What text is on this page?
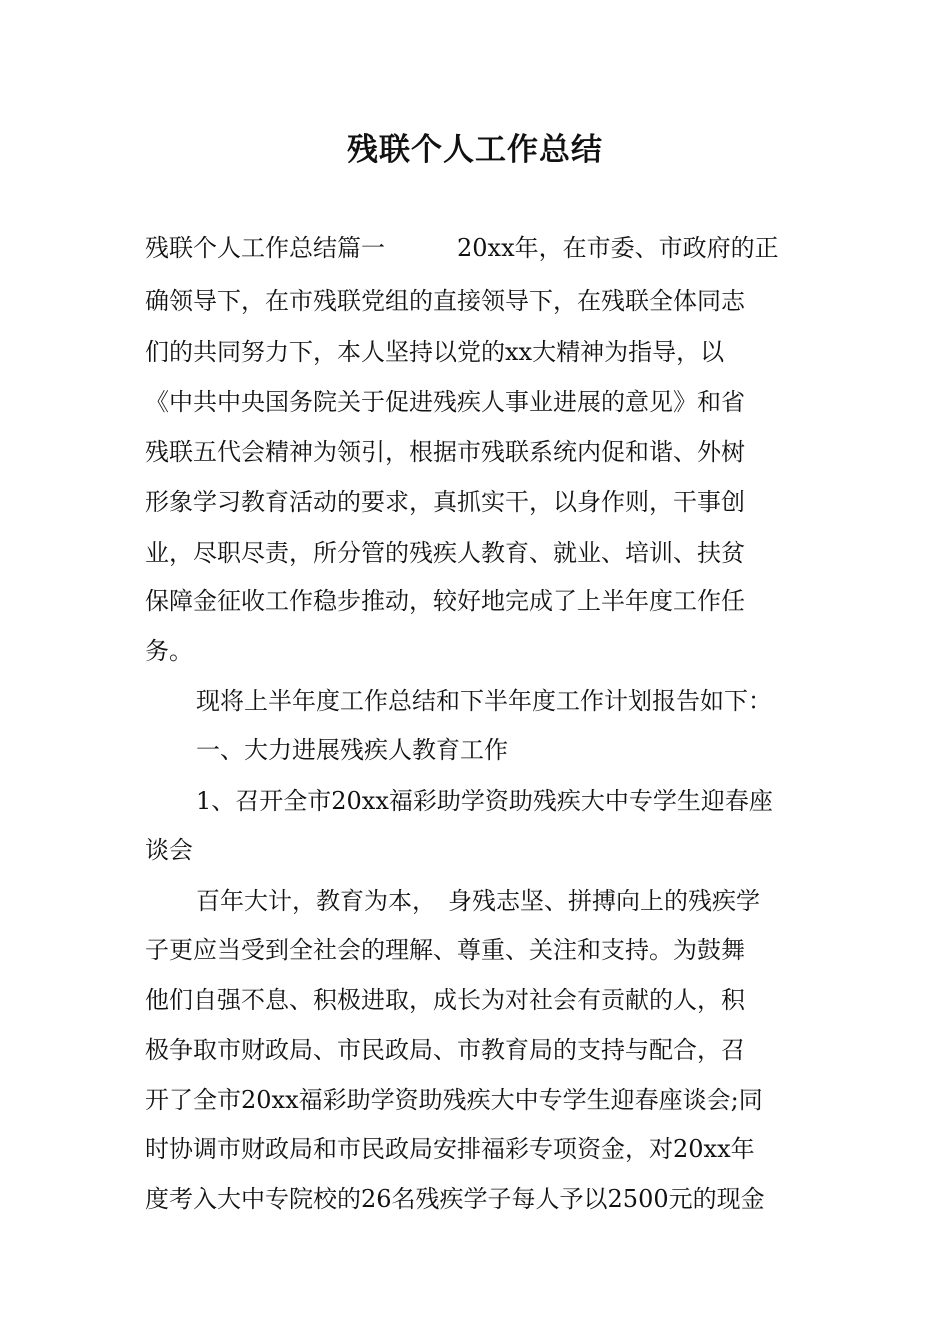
残联个人工作总结
残联个人工作总结篇一　　　20xx年，在市委、市政府的正
确领导下，在市残联党组的直接领导下，在残联全体同志
们的共同努力下，本人坚持以党的xx大精神为指导，以
《中共中央国务院关于促进残疾人事业进展的意见》和省
残联五代会精神为领引，根据市残联系统内促和谐、外树
形象学习教育活动的要求，真抓实干，以身作则，干事创
业，尽职尽责，所分管的残疾人教育、就业、培训、扶贫
保障金征收工作稳步推动，较好地完成了上半年度工作任
务。
现将上半年度工作总结和下半年度工作计划报告如下：
一、大力进展残疾人教育工作
1、召开全市20xx福彩助学资助残疾大中专学生迎春座
谈会
百年大计，教育为本，　身残志坚、拼搏向上的残疾学
子更应当受到全社会的理解、尊重、关注和支持。为鼓舞
他们自强不息、积极进取，成长为对社会有贡献的人，积
极争取市财政局、市民政局、市教育局的支持与配合，召
开了全市20xx福彩助学资助残疾大中专学生迎春座谈会;同
时协调市财政局和市民政局安排福彩专项资金，对20xx年
度考入大中专院校的26名残疾学子每人予以2500元的现金
